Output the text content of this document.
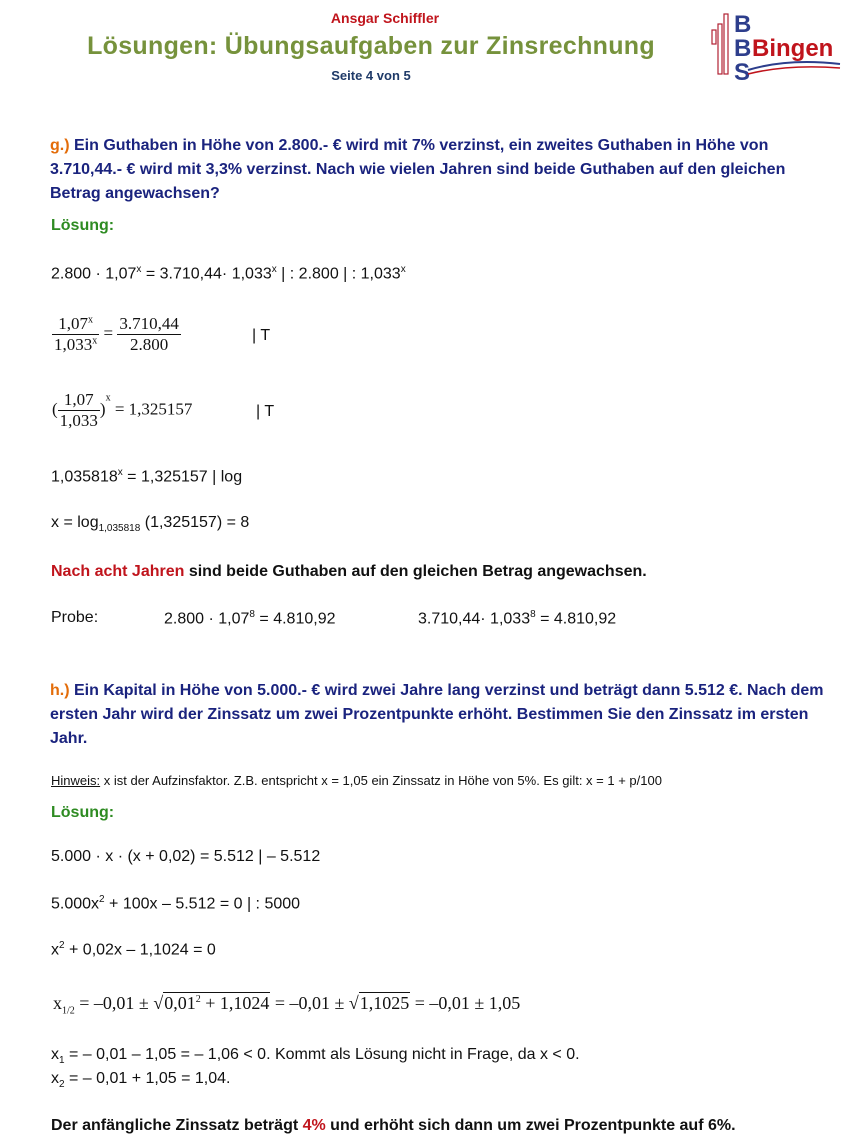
Ansgar Schiffler
Lösungen: Übungsaufgaben zur Zinsrechnung
Seite 4 von 5
B
B
S
Bingen
g.) Ein Guthaben in Höhe von 2.800.- € wird mit 7% verzinst, ein zweites Guthaben in Höhe von 3.710,44.- € wird mit 3,3% verzinst. Nach wie vielen Jahren sind beide Guthaben auf den gleichen Betrag angewachsen?
Lösung:
$2.800 \cdot 1,07^x = 3.710,44\cdot 1,033^x$ | : 2.800 | : 1,033$^x$
$\frac{1,07^x}{1,033^x} = \frac{3.710,44}{2.800}$	| T
( $\frac{1,07}{1,033} )^x = 1,325157$	| T
$1,035818^x = 1,325157$ | log
$x = \log_{1,035818} (1,325157) = 8$
Nach acht Jahren sind beide Guthaben auf den gleichen Betrag angewachsen.
Probe:	$2.800 \cdot 1,07^8 = 4.810,92$	$3.710,44\cdot 1,033^8 = 4.810,92$
h.) Ein Kapital in Höhe von 5.000.- € wird zwei Jahre lang verzinst und beträgt dann 5.512 €. Nach dem ersten Jahr wird der Zinssatz um zwei Prozentpunkte erhöht. Bestimmen Sie den Zinssatz im ersten Jahr.
Hinweis: x ist der Aufzinsfaktor. Z.B. entspricht x = 1,05 ein Zinssatz in Höhe von 5%. Es gilt: x = 1 + p/100
Lösung:
5.000 · x · (x + 0,02) = 5.512 | – 5.512
$5.000x^2 + 100x - 5.512 = 0$ | : 5000
$x^2 + 0,02x - 1,1024 = 0$
$x_{1/2} = -0,01 \pm √0,01^2 + 1,1024 = -0,01 \pm √1,1025 = -0,01 \pm 1,05$
$x_1$ = – 0,01 – 1,05 = – 1,06 < 0. Kommt als Lösung nicht in Frage, da x < 0.
$x_2$ = – 0,01 + 1,05 = 1,04.
Der anfängliche Zinssatz beträgt 4% und erhöht sich dann um zwei Prozentpunkte auf 6%.
